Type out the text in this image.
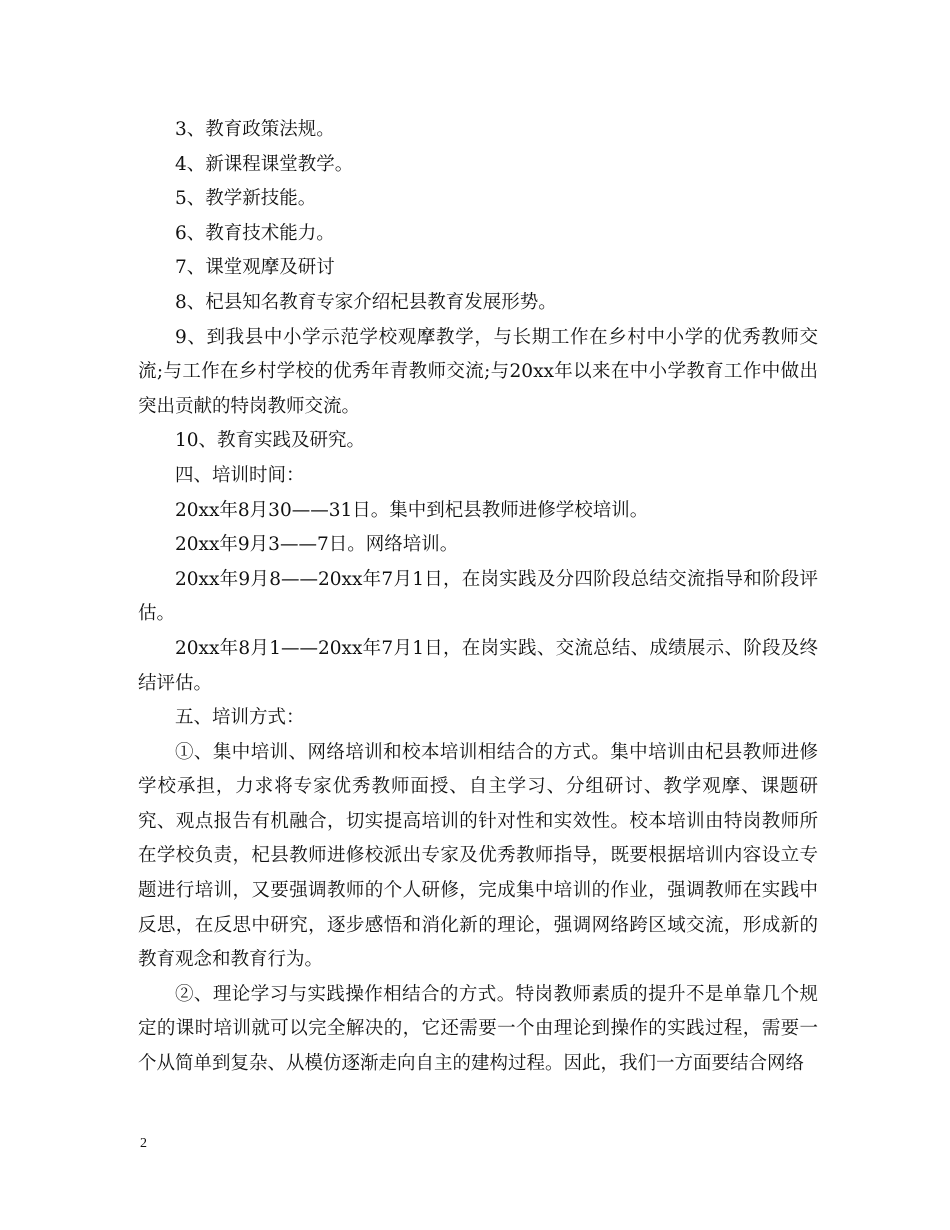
3、教育政策法规。

4、新课程课堂教学。

5、教学新技能。

6、教育技术能力。

7、课堂观摩及研讨

8、杞县知名教育专家介绍杞县教育发展形势。

9、到我县中小学示范学校观摩教学，与长期工作在乡村中小学的优秀教师交流;与工作在乡村学校的优秀年青教师交流;与20xx年以来在中小学教育工作中做出突出贡献的特岗教师交流。

10、教育实践及研究。

四、培训时间：

20xx年8月30——31日。集中到杞县教师进修学校培训。

20xx年9月3——7日。网络培训。

20xx年9月8——20xx年7月1日，在岗实践及分四阶段总结交流指导和阶段评估。

20xx年8月1——20xx年7月1日，在岗实践、交流总结、成绩展示、阶段及终结评估。

五、培训方式：

①、集中培训、网络培训和校本培训相结合的方式。集中培训由杞县教师进修学校承担，力求将专家优秀教师面授、自主学习、分组研讨、教学观摩、课题研究、观点报告有机融合，切实提高培训的针对性和实效性。校本培训由特岗教师所在学校负责，杞县教师进修校派出专家及优秀教师指导，既要根据培训内容设立专题进行培训，又要强调教师的个人研修，完成集中培训的作业，强调教师在实践中反思，在反思中研究，逐步感悟和消化新的理论，强调网络跨区域交流，形成新的教育观念和教育行为。

②、理论学习与实践操作相结合的方式。特岗教师素质的提升不是单靠几个规定的课时培训就可以完全解决的，它还需要一个由理论到操作的实践过程，需要一个从简单到复杂、从模仿逐渐走向自主的建构过程。因此，我们一方面要结合网络

2
